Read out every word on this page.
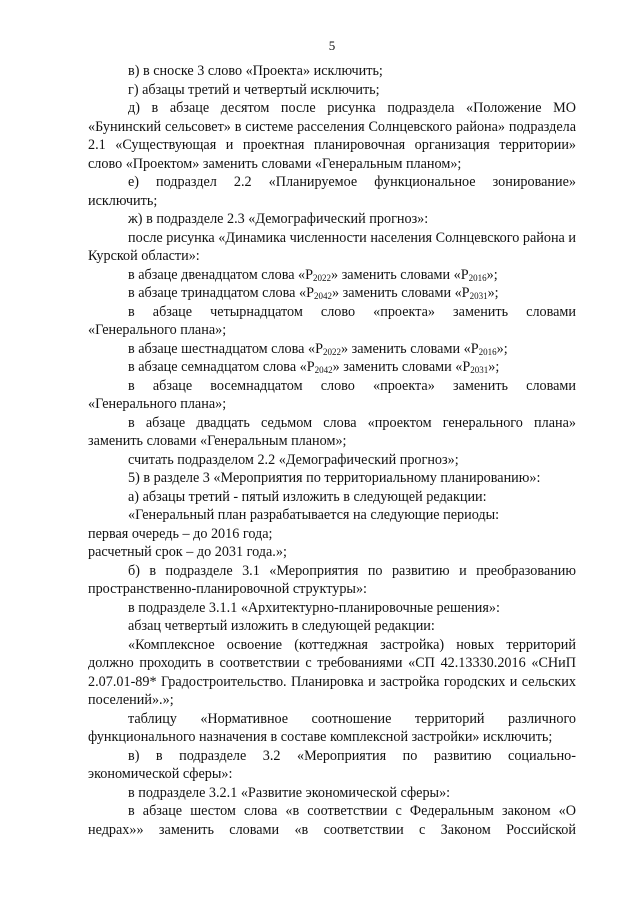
5

в) в сноске 3 слово «Проекта» исключить;

г) абзацы третий и четвертый исключить;

д) в абзаце десятом после рисунка подраздела «Положение МО «Бунинский сельсовет» в системе расселения Солнцевского района» подраздела 2.1 «Существующая и проектная планировочная организация территории» слово «Проектом» заменить словами «Генеральным планом»;

е) подраздел 2.2 «Планируемое функциональное зонирование» исключить;

ж) в подразделе 2.3 «Демографический прогноз»:

после рисунка «Динамика численности населения Солнцевского района и Курской области»:

в абзаце двенадцатом слова «$Р_{2022}$» заменить словами «$Р_{2016}$»;

в абзаце тринадцатом слова «$Р_{2042}$» заменить словами «$Р_{2031}$»;

в абзаце четырнадцатом слово «проекта» заменить словами «Генерального плана»;

в абзаце шестнадцатом слова «$Р_{2022}$» заменить словами «$Р_{2016}$»;

в абзаце семнадцатом слова «$Р_{2042}$» заменить словами «$Р_{2031}$»;

в абзаце восемнадцатом слово «проекта» заменить словами «Генерального плана»;

в абзаце двадцать седьмом слова «проектом генерального плана» заменить словами «Генеральным планом»;

считать подразделом 2.2 «Демографический прогноз»;

5) в разделе 3 «Мероприятия по территориальному планированию»:

а) абзацы третий - пятый изложить в следующей редакции:

«Генеральный план разрабатывается на следующие периоды:

первая очередь – до 2016 года;

расчетный срок – до 2031 года.»;

б) в подразделе 3.1 «Мероприятия по развитию и преобразованию пространственно-планировочной структуры»:

в подразделе 3.1.1 «Архитектурно-планировочные решения»:

абзац четвертый изложить в следующей редакции:

«Комплексное освоение (коттеджная застройка) новых территорий должно проходить в соответствии с требованиями «СП 42.13330.2016 «СНиП 2.07.01-89* Градостроительство. Планировка и застройка городских и сельских поселений».»;

таблицу «Нормативное соотношение территорий различного функционального назначения в составе комплексной застройки» исключить;

в) в подразделе 3.2 «Мероприятия по развитию социально-экономической сферы»:

в подразделе 3.2.1 «Развитие экономической сферы»:

в абзаце шестом слова «в соответствии с Федеральным законом «О недрах»» заменить словами «в соответствии с Законом Российской
